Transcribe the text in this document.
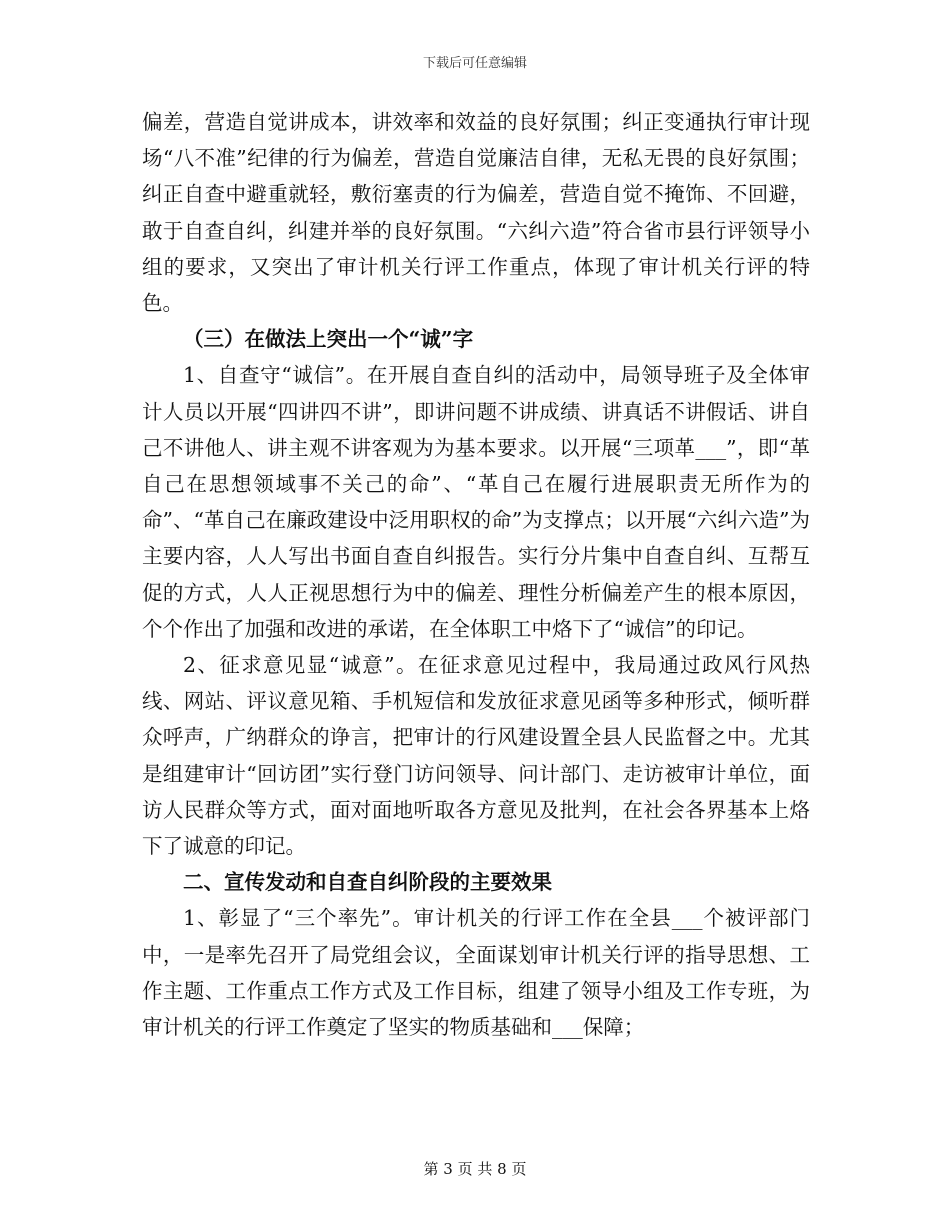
下载后可任意编辑

偏差，营造自觉讲成本，讲效率和效益的良好氛围；纠正变通执行审计现场“八不准”纪律的行为偏差，营造自觉廉洁自律，无私无畏的良好氛围；纠正自查中避重就轻，敷衍塞责的行为偏差，营造自觉不掩饰、不回避，敢于自查自纠，纠建并举的良好氛围。“六纠六造”符合省市县行评领导小组的要求，又突出了审计机关行评工作重点，体现了审计机关行评的特色。

（三）在做法上突出一个“诚”字

1、自查守“诚信”。在开展自查自纠的活动中，局领导班子及全体审计人员以开展“四讲四不讲”，即讲问题不讲成绩、讲真话不讲假话、讲自己不讲他人、讲主观不讲客观为为基本要求。以开展“三项革___”，即“革自己在思想领域事不关己的命”、“革自己在履行进展职责无所作为的命”、“革自己在廉政建设中泛用职权的命”为支撑点；以开展“六纠六造”为主要内容，人人写出书面自查自纠报告。实行分片集中自查自纠、互帮互促的方式，人人正视思想行为中的偏差、理性分析偏差产生的根本原因，个个作出了加强和改进的承诺，在全体职工中烙下了“诚信”的印记。

2、征求意见显“诚意”。在征求意见过程中，我局通过政风行风热线、网站、评议意见箱、手机短信和发放征求意见函等多种形式，倾听群众呼声，广纳群众的诤言，把审计的行风建设置全县人民监督之中。尤其是组建审计“回访团”实行登门访问领导、问计部门、走访被审计单位，面访人民群众等方式，面对面地听取各方意见及批判，在社会各界基本上烙下了诚意的印记。

二、宣传发动和自查自纠阶段的主要效果

1、彰显了“三个率先”。审计机关的行评工作在全县___个被评部门中，一是率先召开了局党组会议，全面谋划审计机关行评的指导思想、工作主题、工作重点工作方式及工作目标，组建了领导小组及工作专班，为审计机关的行评工作奠定了坚实的物质基础和___保障；

第 3 页 共 8 页
